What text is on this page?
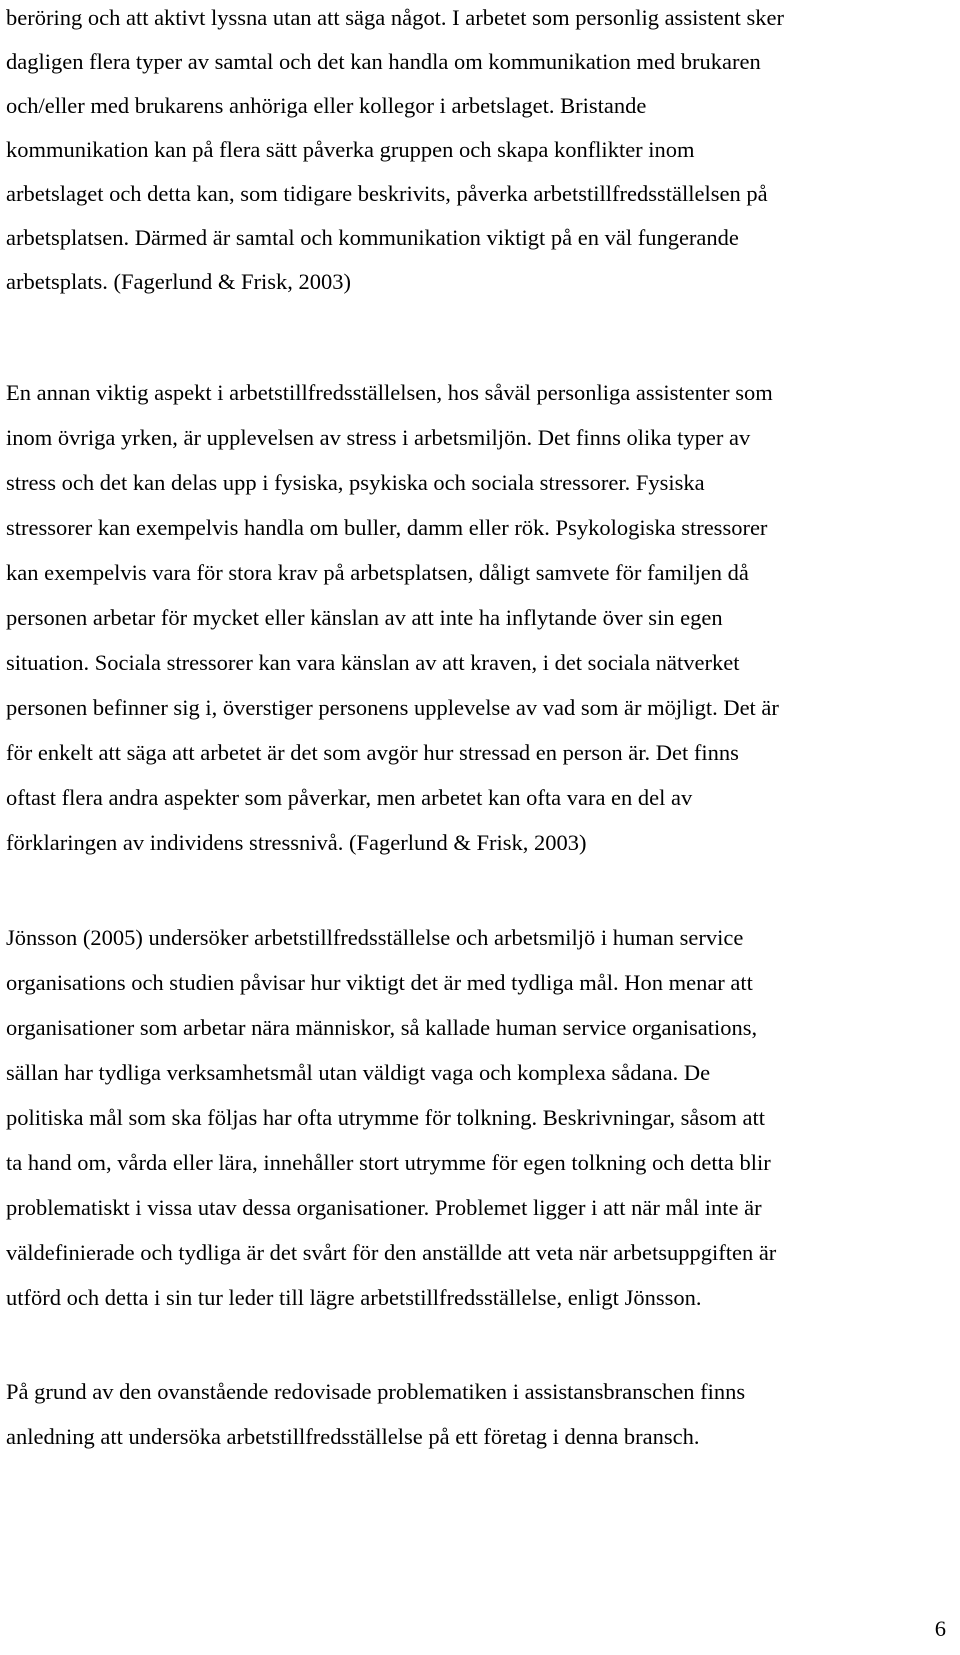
beröring och att aktivt lyssna utan att säga något. I arbetet som personlig assistent sker
dagligen flera typer av samtal och det kan handla om kommunikation med brukaren
och/eller med brukarens anhöriga eller kollegor i arbetslaget. Bristande
kommunikation kan på flera sätt påverka gruppen och skapa konflikter inom
arbetslaget och detta kan, som tidigare beskrivits, påverka arbetstillfredsställelsen på
arbetsplatsen. Därmed är samtal och kommunikation viktigt på en väl fungerande
arbetsplats. (Fagerlund & Frisk, 2003)
En annan viktig aspekt i arbetstillfredsställelsen, hos såväl personliga assistenter som
inom övriga yrken, är upplevelsen av stress i arbetsmiljön. Det finns olika typer av
stress och det kan delas upp i fysiska, psykiska och sociala stressorer. Fysiska
stressorer kan exempelvis handla om buller, damm eller rök. Psykologiska stressorer
kan exempelvis vara för stora krav på arbetsplatsen, dåligt samvete för familjen då
personen arbetar för mycket eller känslan av att inte ha inflytande över sin egen
situation. Sociala stressorer kan vara känslan av att kraven, i det sociala nätverket
personen befinner sig i, överstiger personens upplevelse av vad som är möjligt. Det är
för enkelt att säga att arbetet är det som avgör hur stressad en person är. Det finns
oftast flera andra aspekter som påverkar, men arbetet kan ofta vara en del av
förklaringen av individens stressnivå. (Fagerlund & Frisk, 2003)
Jönsson (2005) undersöker arbetstillfredsställelse och arbetsmiljö i human service
organisations och studien påvisar hur viktigt det är med tydliga mål. Hon menar att
organisationer som arbetar nära människor, så kallade human service organisations,
sällan har tydliga verksamhetsmål utan väldigt vaga och komplexa sådana. De
politiska mål som ska följas har ofta utrymme för tolkning. Beskrivningar, såsom att
ta hand om, vårda eller lära, innehåller stort utrymme för egen tolkning och detta blir
problematiskt i vissa utav dessa organisationer. Problemet ligger i att när mål inte är
väldefinierade och tydliga är det svårt för den anställde att veta när arbetsuppgiften är
utförd och detta i sin tur leder till lägre arbetstillfredsställelse, enligt Jönsson.
På grund av den ovanstående redovisade problematiken i assistansbranschen finns
anledning att undersöka arbetstillfredsställelse på ett företag i denna bransch.
6
